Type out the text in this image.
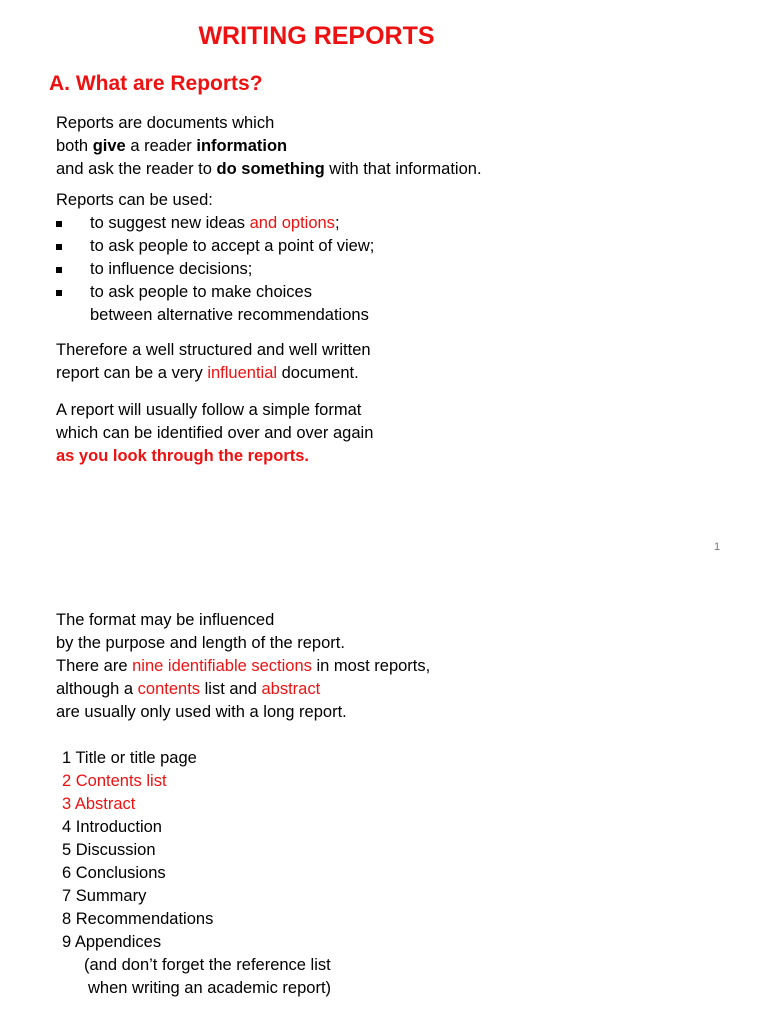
WRITING REPORTS
A. What are Reports?
Reports are documents which
both give a reader information
and ask the reader to do something with that information.
Reports can be used:
to suggest new ideas and options;
to ask people to accept a point of view;
to influence decisions;
to ask people to make choices
between alternative recommendations
Therefore a well structured and well written
report can be a very influential document.
A report will usually follow a simple format
which can be identified over and over again
as you look through the reports.
1
The format may be influenced
by the purpose and length of the report.
There are nine identifiable sections in most reports,
although a contents list and abstract
are usually only used with a long report.
1 Title or title page
2 Contents list
3 Abstract
4 Introduction
5 Discussion
6 Conclusions
7 Summary
8 Recommendations
9 Appendices
(and don’t forget the reference list
when writing an academic report)
